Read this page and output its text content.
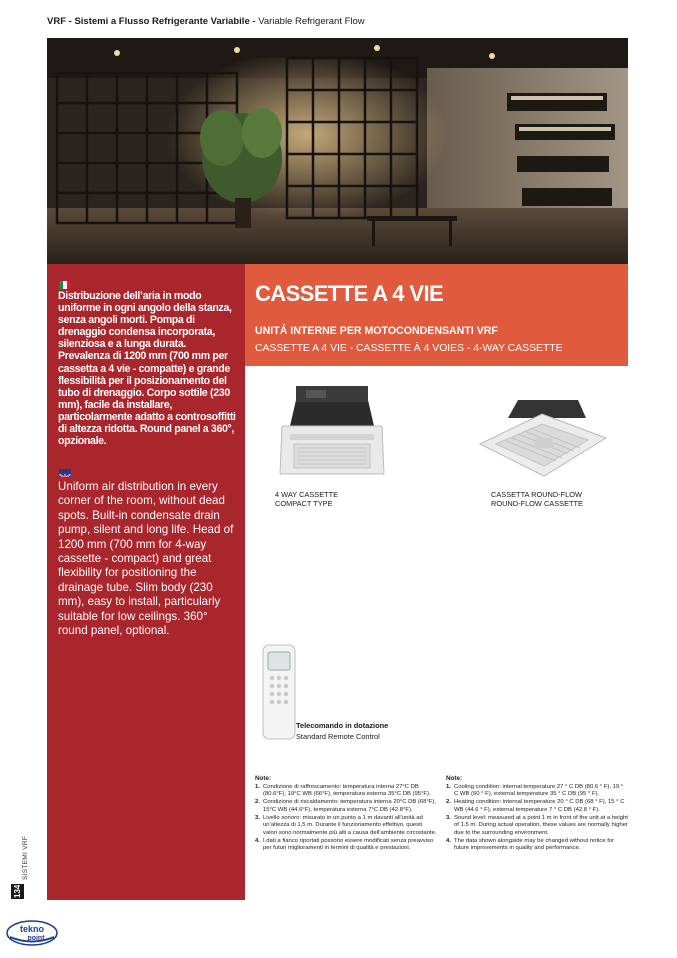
VRF - Sistemi a Flusso Refrigerante Variabile - Variable Refrigerant Flow
Distribuzione dell’aria in modo uniforme in ogni angolo della stanza, senza angoli morti. Pompa di drenaggio condensa incorporata, silenziosa e a lunga durata. Prevalenza di 1200 mm (700 mm per cassetta a 4 vie - compatte) e grande flessibilità per il posizionamento del tubo di drenaggio. Corpo sottile (230 mm), facile da installare, particolarmente adatto a controsoffitti di altezza ridotta. Round panel a 360°, opzionale.
Uniform air distribution in every corner of the room, without dead spots. Built-in condensate drain pump, silent and long life. Head of 1200 mm (700 mm for 4-way cassette - compact) and great flexibility for positioning the drainage tube. Slim body (230 mm), easy to install, particularly suitable for low ceilings. 360° round panel, optional.
CASSETTE A 4 VIE
UNITÁ INTERNE PER MOTOCONDENSANTI VRF
CASSETTE A 4 VIE - CASSETTE À 4 VOIES - 4-WAY CASSETTE
4 WAY CASSETTE
COMPACT TYPE
CASSETTA ROUND-FLOW
ROUND-FLOW CASSETTE
Telecomando in dotazione
Standard Remote Control
Note:
1. Condizione di raffrescamento: temperatura interna 27°C DB (80.6°F), 19°C WB (66°F), temperatura esterna 35°C DB (95°F).
2. Condizione di riscaldamento: temperatura interna 20°C DB (68°F), 15°C WB (44.6°F), temperatura esterna 7°C DB (42.8°F).
3. Livello sonoro: misurato in un punto a 1 m davanti all’unità ad un’altezza di 1,5 m. Durante il funzionamento effettivo, questi valori sono normalmente più alti a causa dell’ambiente circostante.
4. I dati a fianco riportati possono essere modificati senza preavviso per futuri miglioramenti in termini di qualità e prestazioni.
Note:
1. Cooling condition: internal temperature 27 ° C DB (80.6 ° F), 19 ° C WB (60 ° F), external temperature 35 ° C DB (95 ° F).
2. Heating condition: internal temperature 20 ° C DB (68 ° F), 15 ° C WB (44.6 ° F), external temperature 7 ° C DB (42.8 ° F).
3. Sound level: measured at a point 1 m in front of the unit at a height of 1.5 m. During actual operation, these values are normally higher due to the surrounding environment.
4. The data shown alongside may be changed without notice for future improvements in quality and performance.
SISTEMI VRF
134
tekno
point
